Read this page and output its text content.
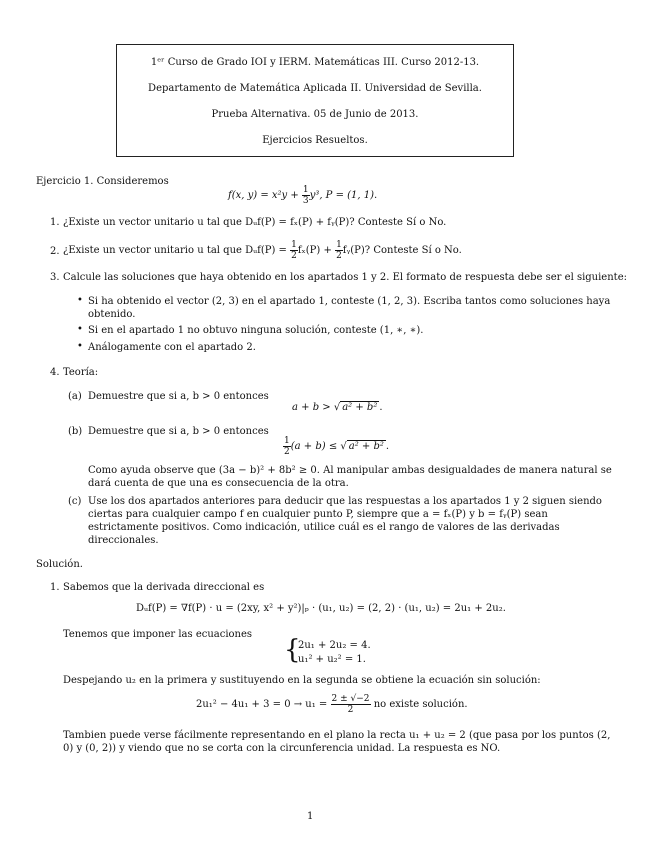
1ᵉʳ Curso de Grado IOI y IERM. Matemáticas III. Curso 2012-13.
Departamento de Matemática Aplicada II. Universidad de Sevilla.
Prueba Alternativa. 05 de Junio de 2013.
Ejercicios Resueltos.
Ejercicio 1. Consideremos
f(x, $y) = x^2y + \frac{1}{3} y^3$, P = (1, 1).
1. ¿Existe un vector unitario u tal que Dᵤf(P) = fₓ(P) + fᵧ(P)? Conteste Sí o No.
2. ¿Existe un vector unitario u tal que Dᵤf(P) = $\frac{1}{2} f_x(P) + \frac{1}{2}$ fᵧ(P)? Conteste Sí o No.
3. Calcule las soluciones que haya obtenido en los apartados 1 y 2. El formato de respuesta debe ser el siguiente:
• Si ha obtenido el vector (2, 3) en el apartado 1, conteste (1, 2, 3). Escriba tantos como soluciones haya obtenido.
• Si en el apartado 1 no obtuvo ninguna solución, conteste (1, ∗, ∗).
• Análogamente con el apartado 2.
4. Teoría:
(a) Demuestre que si a, b > 0 entonces
a + b > √ a² + b² .
(b) Demuestre que si a, b > 0 entonces
$\frac{1}{2} (a + b)$ ≤ √ a² + b² .
Como ayuda observe que (3a − b)² + 8b² ≥ 0. Al manipular ambas desigualdades de manera natural se dará cuenta de que una es consecuencia de la otra.
(c) Use los dos apartados anteriores para deducir que las respuestas a los apartados 1 y 2 siguen siendo ciertas para cualquier campo f en cualquier punto P, siempre que a = fₓ(P) y b = fᵧ(P) sean estrictamente positivos. Como indicación, utilice cuál es el rango de valores de las derivadas direccionales.
Solución.
1. Sabemos que la derivada direccional es
Dᵤf(P) = ∇f(P) · u = (2xy, x² + y²)|ₚ · (u₁, u₂) = (2, 2) · (u₁, u₂) = 2u₁ + 2u₂.
Tenemos que imponer las ecuaciones
{
2u₁ + 2u₂ = 4.
u₁² + u₂² = 1.
Despejando u₂ en la primera y sustituyendo en la segunda se obtiene la ecuación sin solución:
$2u_1^2 - 4u_1 + 3 = 0 \to u_1 = \frac{2 \pm √-2}{2}$ no existe solución.
Tambien puede verse fácilmente representando en el plano la recta u₁ + u₂ = 2 (que pasa por los puntos (2, 0) y (0, 2)) y viendo que no se corta con la circunferencia unidad. La respuesta es NO.
1
